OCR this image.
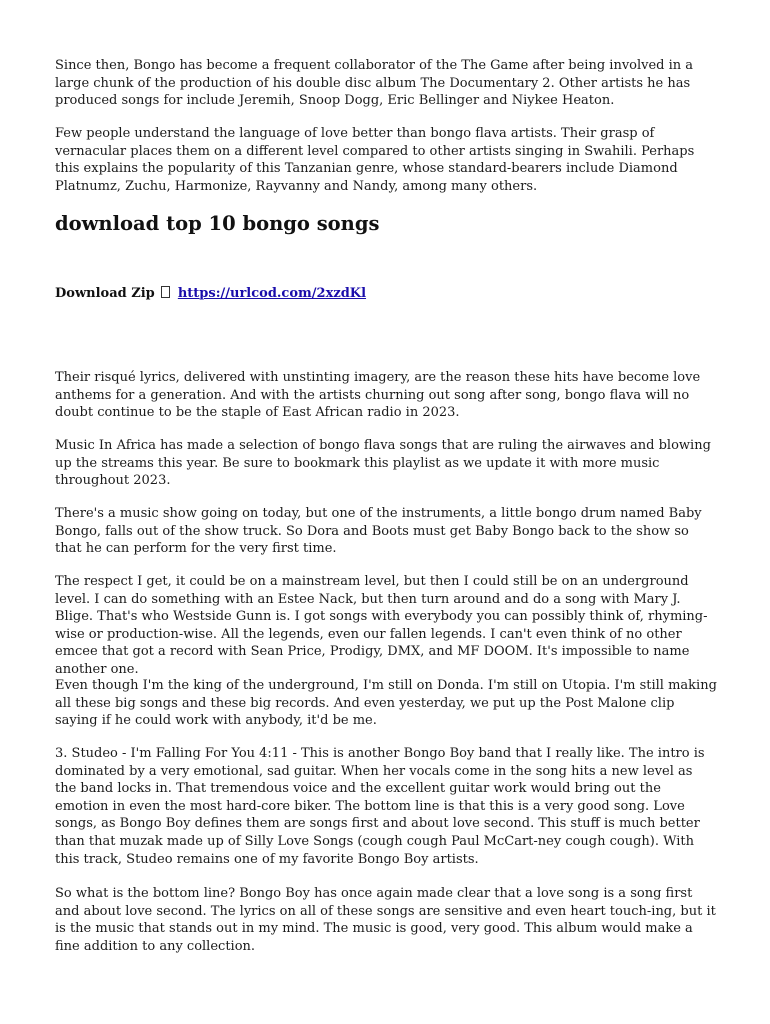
Since then, Bongo has become a frequent collaborator of the The Game after being involved in a large chunk of the production of his double disc album The Documentary 2. Other artists he has produced songs for include Jeremih, Snoop Dogg, Eric Bellinger and Niykee Heaton.

Few people understand the language of love better than bongo flava artists. Their grasp of vernacular places them on a different level compared to other artists singing in Swahili. Perhaps this explains the popularity of this Tanzanian genre, whose standard-bearers include Diamond Platnumz, Zuchu, Harmonize, Rayvanny and Nandy, among many others.

download top 10 bongo songs
Download Zip https://urlcod.com/2xzdKl

Their risqué lyrics, delivered with unstinting imagery, are the reason these hits have become love anthems for a generation. And with the artists churning out song after song, bongo flava will no doubt continue to be the staple of East African radio in 2023.

Music In Africa has made a selection of bongo flava songs that are ruling the airwaves and blowing up the streams this year. Be sure to bookmark this playlist as we update it with more music throughout 2023.

There's a music show going on today, but one of the instruments, a little bongo drum named Baby Bongo, falls out of the show truck. So Dora and Boots must get Baby Bongo back to the show so that he can perform for the very first time.

The respect I get, it could be on a mainstream level, but then I could still be on an underground level. I can do something with an Estee Nack, but then turn around and do a song with Mary J. Blige. That's who Westside Gunn is. I got songs with everybody you can possibly think of, rhyming-wise or production-wise. All the legends, even our fallen legends. I can't even think of no other emcee that got a record with Sean Price, Prodigy, DMX, and MF DOOM. It's impossible to name another one.

Even though I'm the king of the underground, I'm still on Donda. I'm still on Utopia. I'm still making all these big songs and these big records. And even yesterday, we put up the Post Malone clip saying if he could work with anybody, it'd be me.

3. Studeo - I'm Falling For You 4:11 - This is another Bongo Boy band that I really like. The intro is dominated by a very emotional, sad guitar. When her vocals come in the song hits a new level as the band locks in. That tremendous voice and the excellent guitar work would bring out the emotion in even the most hard-core biker. The bottom line is that this is a very good song. Love songs, as Bongo Boy defines them are songs first and about love second. This stuff is much better than that muzak made up of Silly Love Songs (cough cough Paul McCart-ney cough cough). With this track, Studeo remains one of my favorite Bongo Boy artists.

So what is the bottom line? Bongo Boy has once again made clear that a love song is a song first and about love second. The lyrics on all of these songs are sensitive and even heart touch-ing, but it is the music that stands out in my mind. The music is good, very good. This album would make a fine addition to any collection.
